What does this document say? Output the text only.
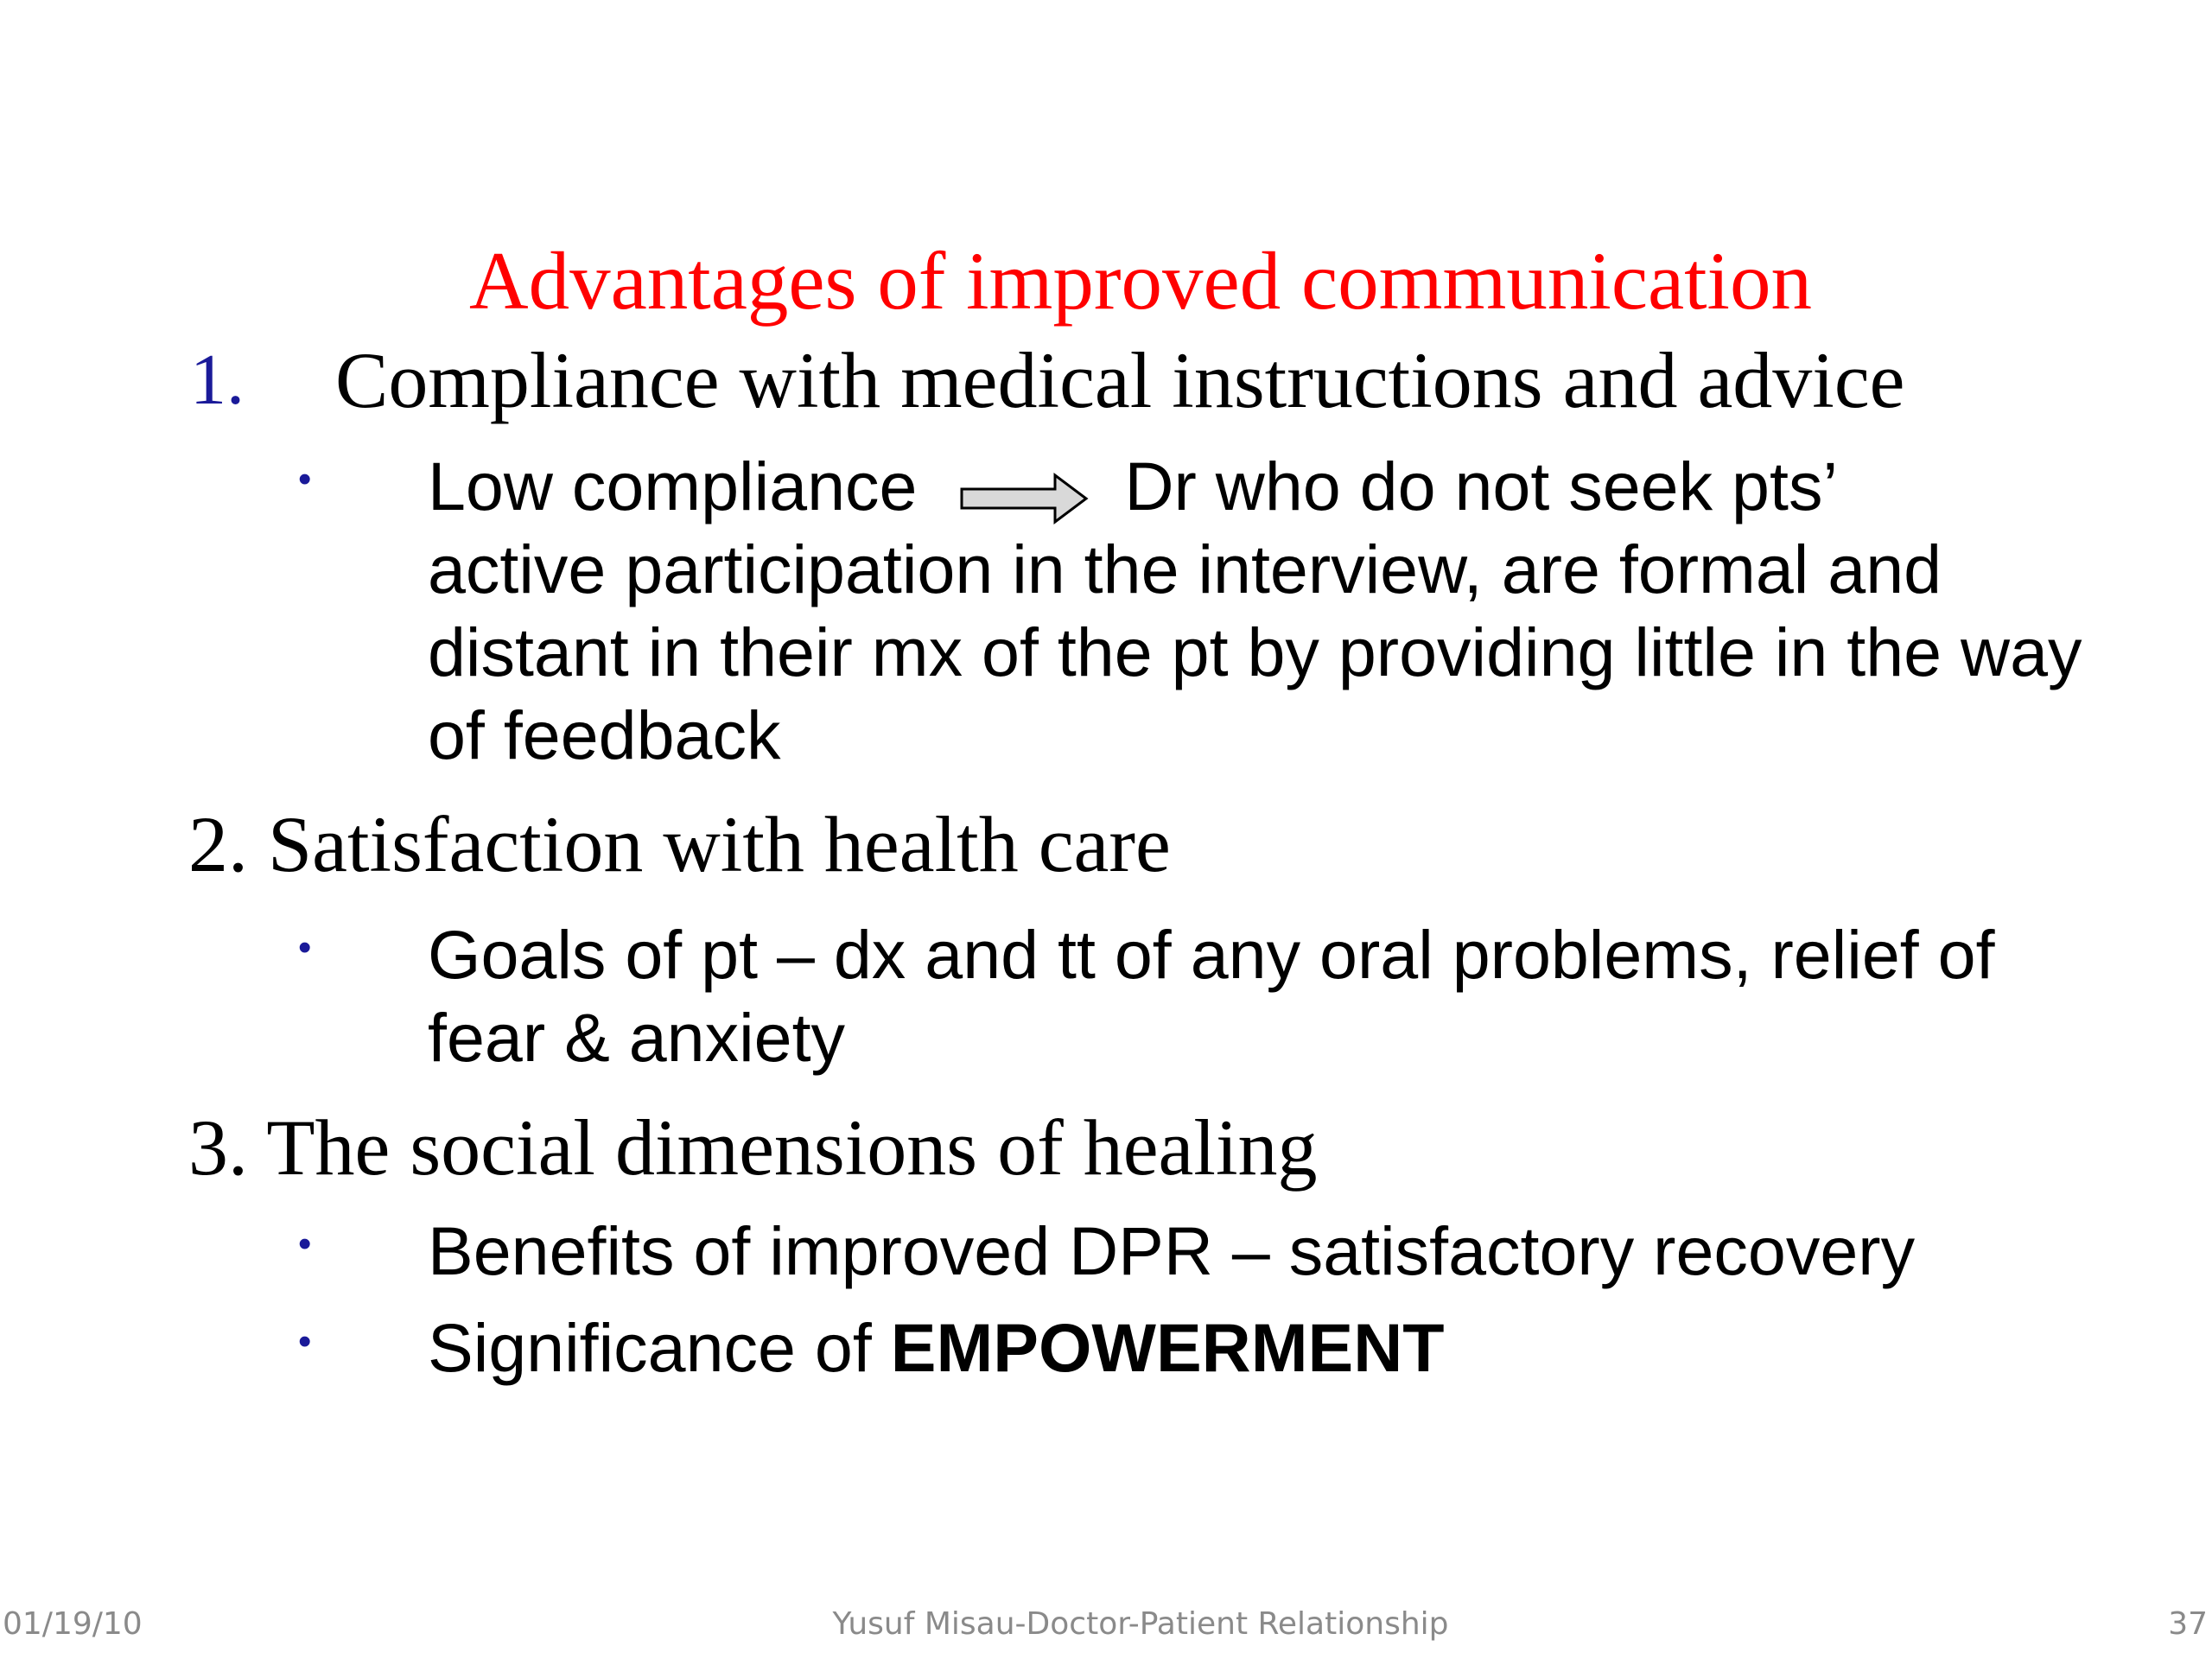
Advantages of improved communication
1. Compliance with medical instructions and advice
• Low compliance	Dr who do not seek pts’
active participation in the interview, are formal and distant in their mx of the pt by providing little in the way of feedback
2. Satisfaction with health care
• Goals of pt – dx and tt of any oral problems, relief of fear & anxiety
3. The social dimensions of healing
• Benefits of improved DPR – satisfactory recovery
• Significance of EMPOWERMENT
01/19/10	Yusuf Misau-Doctor-Patient Relationship	37
